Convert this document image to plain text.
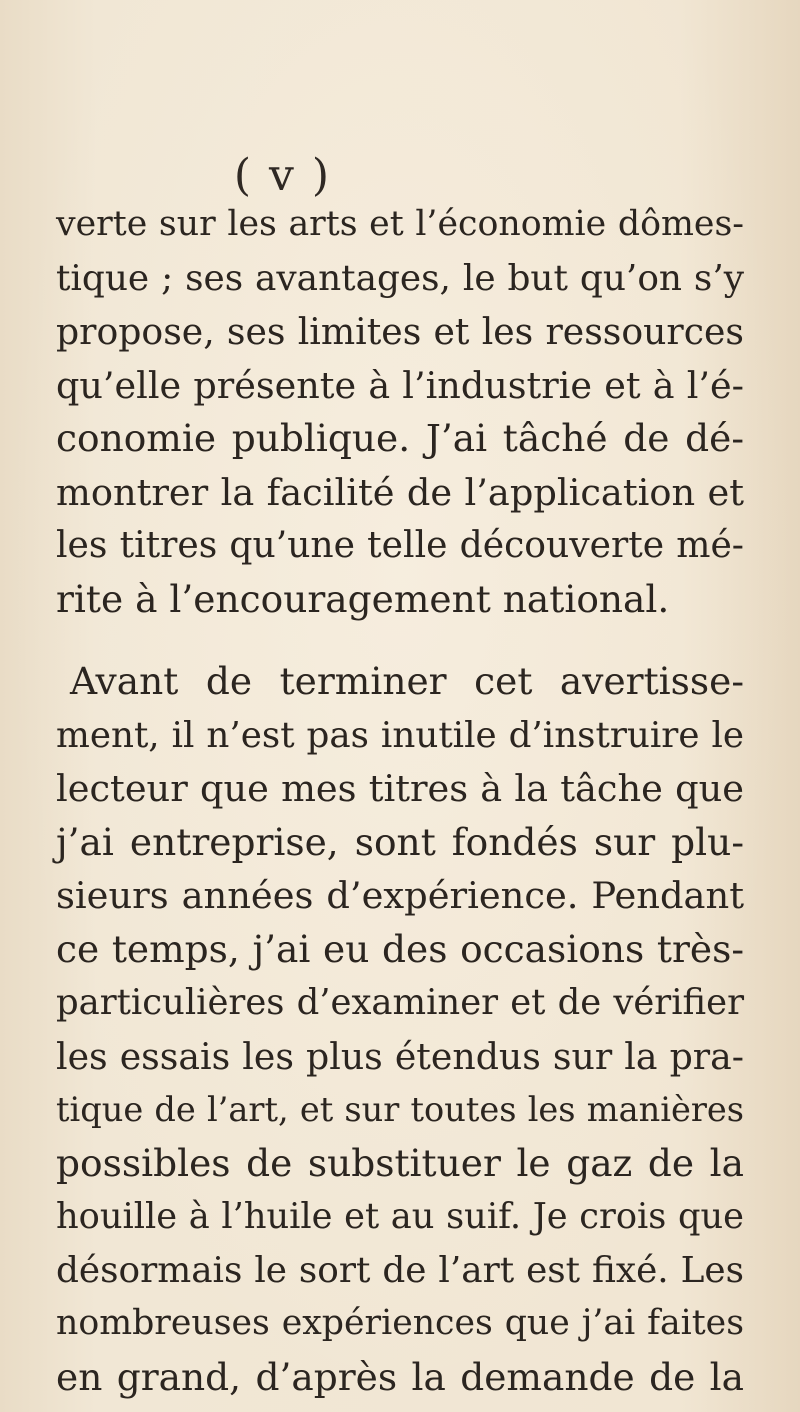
( v )
verte sur les arts et l’économie dômes-
tique ; ses avantages, le but qu’on s’y
propose, ses limites et les ressources
qu’elle présente à l’industrie et à l’é-
conomie publique. J’ai tâché de dé-
montrer la facilité de l’application et
les titres qu’une telle découverte mé-
rite à l’encouragement national.
Avant de terminer cet avertisse-
ment, il n’est pas inutile d’instruire le
lecteur que mes titres à la tâche que
j’ai entreprise, sont fondés sur plu-
sieurs années d’expérience. Pendant
ce temps, j’ai eu des occasions très-
particulières d’examiner et de vérifier
les essais les plus étendus sur la pra-
tique de l’art, et sur toutes les manières
possibles de substituer le gaz de la
houille à l’huile et au suif. Je crois que
désormais le sort de l’art est fixé. Les
nombreuses expériences que j’ai faites
en grand, d’après la demande de la
